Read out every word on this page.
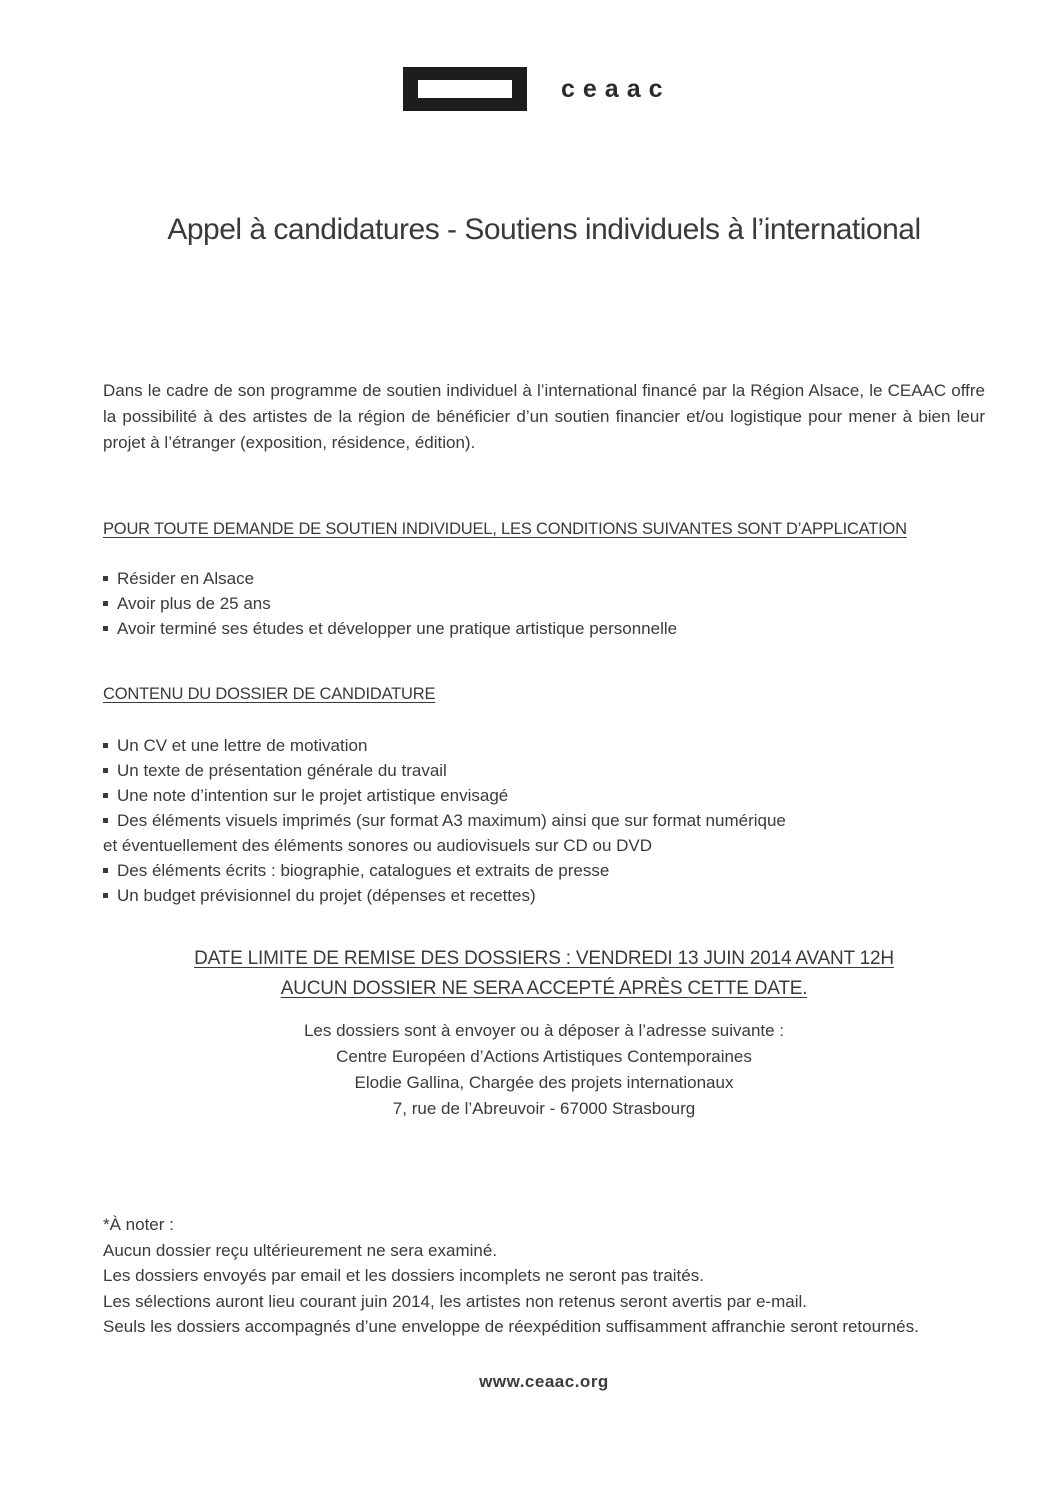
ceaac
Appel à candidatures - Soutiens individuels à l’international

Dans le cadre de son programme de soutien individuel à l’international financé par la Région Alsace, le CEAAC offre la possibilité à des artistes de la région de bénéficier d’un soutien financier et/ou logistique pour mener à bien leur projet à l’étranger (exposition, résidence, édition).

POUR TOUTE DEMANDE DE SOUTIEN INDIVIDUEL, LES CONDITIONS SUIVANTES SONT D’APPLICATION
Résider en Alsace
Avoir plus de 25 ans
Avoir terminé ses études et développer une pratique artistique personnelle
CONTENU DU DOSSIER DE CANDIDATURE
Un CV et une lettre de motivation
Un texte de présentation générale du travail
Une note d’intention sur le projet artistique envisagé
Des éléments visuels imprimés (sur format A3 maximum) ainsi que sur format numérique
et éventuellement des éléments sonores ou audiovisuels sur CD ou DVD
Des éléments écrits : biographie, catalogues et extraits de presse
Un budget prévisionnel du projet (dépenses et recettes)
DATE LIMITE DE REMISE DES DOSSIERS : VENDREDI 13 JUIN 2014 AVANT 12H
AUCUN DOSSIER NE SERA ACCEPTÉ APRÈS CETTE DATE.
Les dossiers sont à envoyer ou à déposer à l’adresse suivante :
Centre Européen d’Actions Artistiques Contemporaines
Elodie Gallina, Chargée des projets internationaux
7, rue de l’Abreuvoir - 67000 Strasbourg

*À noter :

Aucun dossier reçu ultérieurement ne sera examiné.

Les dossiers envoyés par email et les dossiers incomplets ne seront pas traités.

Les sélections auront lieu courant juin 2014, les artistes non retenus seront avertis par e-mail.

Seuls les dossiers accompagnés d’une enveloppe de réexpédition suffisamment affranchie seront retournés.

www.ceaac.org
